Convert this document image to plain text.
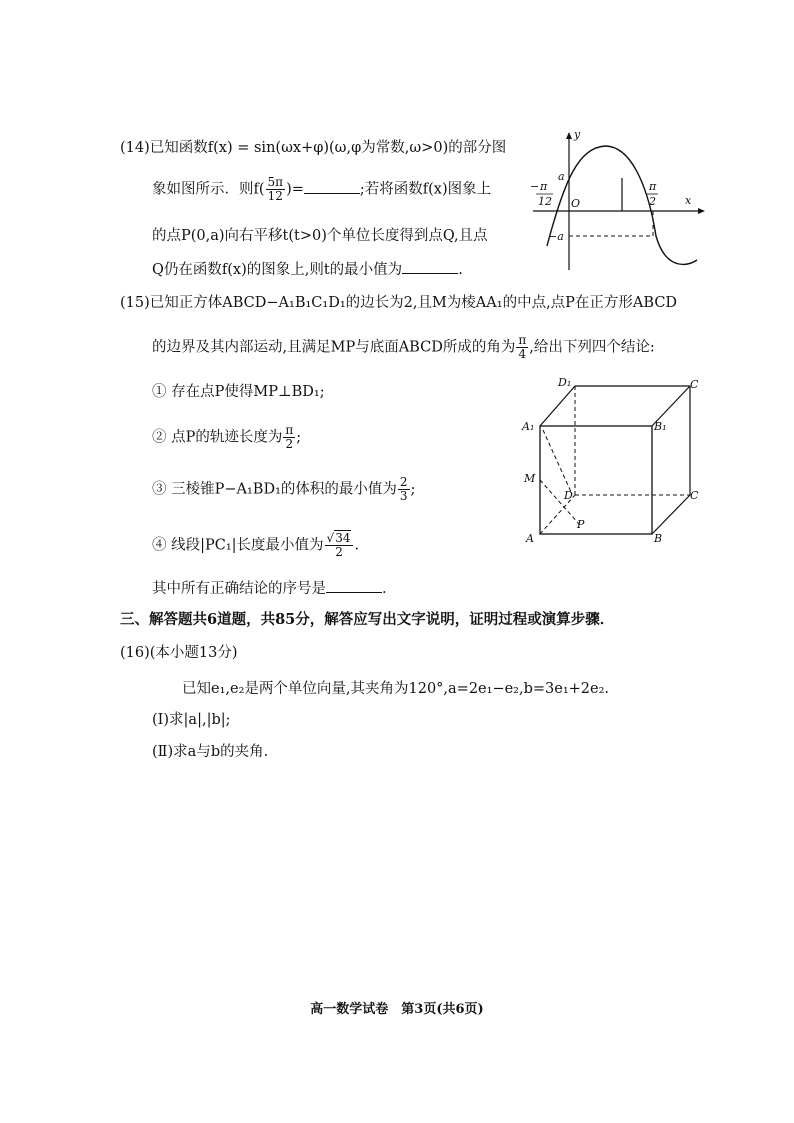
(14)已知函数f(x) = sin(ωx+φ)(ω,φ为常数,ω>0)的部分图
象如图所示．则$f( \frac{5\pi}{12}$ )=	;若将函数f(x)图象上
的点P(0,a)向右平移t(t>0)个单位长度得到点Q,且点
Q仍在函数f(x)的图象上,则t的最小值为	.
y
x
O
a
−a
− π
12
π
2
(15)已知正方体ABCD−A₁B₁C₁D₁的边长为2,且M为棱AA₁的中点,点P在正方形ABCD
的边界及其内部运动,且满足MP与底面ABCD所成的角为 $\frac{\pi}{4}$ ,给出下列四个结论:
① 存在点P使得MP⊥BD₁;
② 点P的轨迹长度为 $\frac{\pi}{2}$ ;
③ 三棱锥P−A₁BD₁的体积的最小值为 $\frac{2}{3}$ ;
④ 线段|PC₁|长度最小值为 $\frac{√34}{2}$ .
其中所有正确结论的序号是	.
D₁	C
A₁	B₁
M
D	C
A	B
P
三、解答题共6道题，共85分，解答应写出文字说明，证明过程或演算步骤．
(16)(本小题13分)
已知e₁,e₂是两个单位向量,其夹角为120°,a=2e₁−e₂,b=3e₁+2e₂.
(Ⅰ)求|a|,|b|;
(Ⅱ)求a与b的夹角.
高一数学试卷　第3页(共6页)
